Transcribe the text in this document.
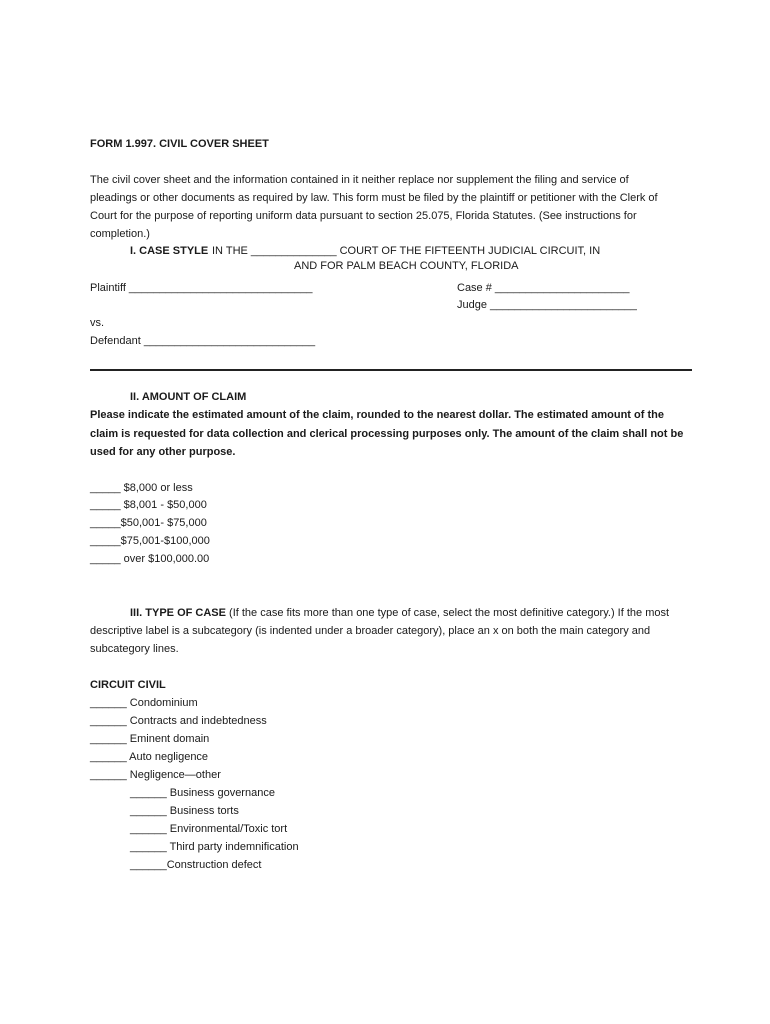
FORM 1.997. CIVIL COVER SHEET
The civil cover sheet and the information contained in it neither replace nor supplement the filing and service of
pleadings or other documents as required by law. This form must be filed by the plaintiff or petitioner with the Clerk of
Court for the purpose of reporting uniform data pursuant to section 25.075, Florida Statutes. (See instructions for
completion.)
I. CASE STYLE IN THE ______________ COURT OF THE FIFTEENTH JUDICIAL CIRCUIT, IN
AND FOR PALM BEACH COUNTY, FLORIDA
Plaintiff ______________________________	Case # ______________________
Judge ________________________
vs.
Defendant ____________________________
II. AMOUNT OF CLAIM
Please indicate the estimated amount of the claim, rounded to the nearest dollar. The estimated amount of the
claim is requested for data collection and clerical processing purposes only. The amount of the claim shall not be
used for any other purpose.
_____ $8,000 or less
_____ $8,001 - $50,000
_____$50,001- $75,000
_____$75,001-$100,000
_____ over $100,000.00
III. TYPE OF CASE (If the case fits more than one type of case, select the most definitive category.) If the most
descriptive label is a subcategory (is indented under a broader category), place an x on both the main category and
subcategory lines.
CIRCUIT CIVIL
______ Condominium
______ Contracts and indebtedness
______ Eminent domain
______ Auto negligence
______ Negligence—other
______ Business governance
______ Business torts
______ Environmental/Toxic tort
______ Third party indemnification
______Construction defect
